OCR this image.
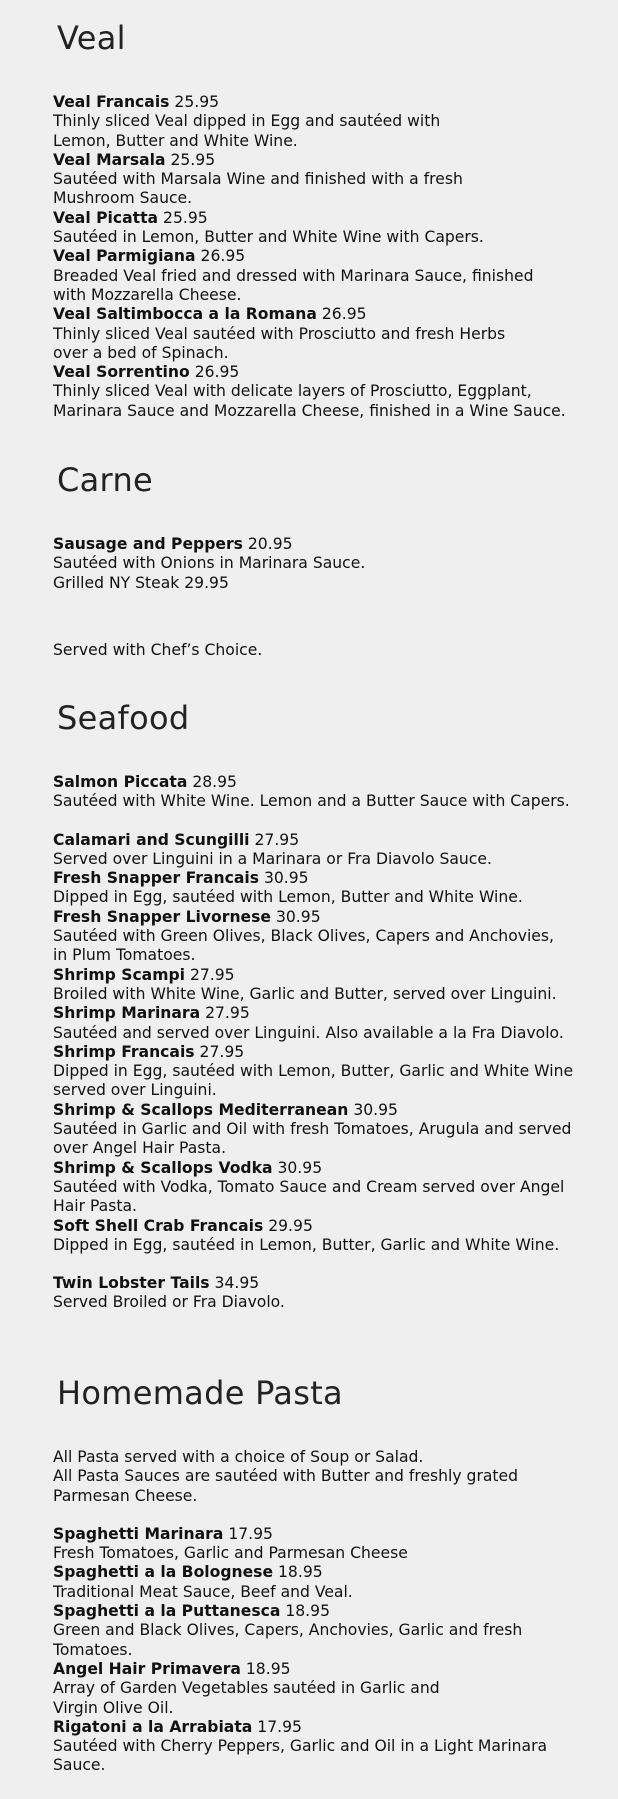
Veal
Veal Francais 25.95
Thinly sliced Veal dipped in Egg and sautéed with
Lemon, Butter and White Wine.
Veal Marsala 25.95
Sautéed with Marsala Wine and finished with a fresh
Mushroom Sauce.
Veal Picatta 25.95
Sautéed in Lemon, Butter and White Wine with Capers.
Veal Parmigiana 26.95
Breaded Veal fried and dressed with Marinara Sauce, finished
with Mozzarella Cheese.
Veal Saltimbocca a la Romana 26.95
Thinly sliced Veal sautéed with Prosciutto and fresh Herbs
over a bed of Spinach.
Veal Sorrentino 26.95
Thinly sliced Veal with delicate layers of Prosciutto, Eggplant,
Marinara Sauce and Mozzarella Cheese, finished in a Wine Sauce.
Carne
Sausage and Peppers 20.95
Sautéed with Onions in Marinara Sauce.
Grilled NY Steak 29.95
Served with Chef’s Choice.
Seafood
Salmon Piccata 28.95
Sautéed with White Wine. Lemon and a Butter Sauce with Capers.
Calamari and Scungilli 27.95
Served over Linguini in a Marinara or Fra Diavolo Sauce.
Fresh Snapper Francais 30.95
Dipped in Egg, sautéed with Lemon, Butter and White Wine.
Fresh Snapper Livornese 30.95
Sautéed with Green Olives, Black Olives, Capers and Anchovies,
in Plum Tomatoes.
Shrimp Scampi 27.95
Broiled with White Wine, Garlic and Butter, served over Linguini.
Shrimp Marinara 27.95
Sautéed and served over Linguini. Also available a la Fra Diavolo.
Shrimp Francais 27.95
Dipped in Egg, sautéed with Lemon, Butter, Garlic and White Wine
served over Linguini.
Shrimp & Scallops Mediterranean 30.95
Sautéed in Garlic and Oil with fresh Tomatoes, Arugula and served
over Angel Hair Pasta.
Shrimp & Scallops Vodka 30.95
Sautéed with Vodka, Tomato Sauce and Cream served over Angel
Hair Pasta.
Soft Shell Crab Francais 29.95
Dipped in Egg, sautéed in Lemon, Butter, Garlic and White Wine.
Twin Lobster Tails 34.95
Served Broiled or Fra Diavolo.
Homemade Pasta
All Pasta served with a choice of Soup or Salad.
All Pasta Sauces are sautéed with Butter and freshly grated
Parmesan Cheese.
Spaghetti Marinara 17.95
Fresh Tomatoes, Garlic and Parmesan Cheese
Spaghetti a la Bolognese 18.95
Traditional Meat Sauce, Beef and Veal.
Spaghetti a la Puttanesca 18.95
Green and Black Olives, Capers, Anchovies, Garlic and fresh
Tomatoes.
Angel Hair Primavera 18.95
Array of Garden Vegetables sautéed in Garlic and
Virgin Olive Oil.
Rigatoni a la Arrabiata 17.95
Sautéed with Cherry Peppers, Garlic and Oil in a Light Marinara
Sauce.
